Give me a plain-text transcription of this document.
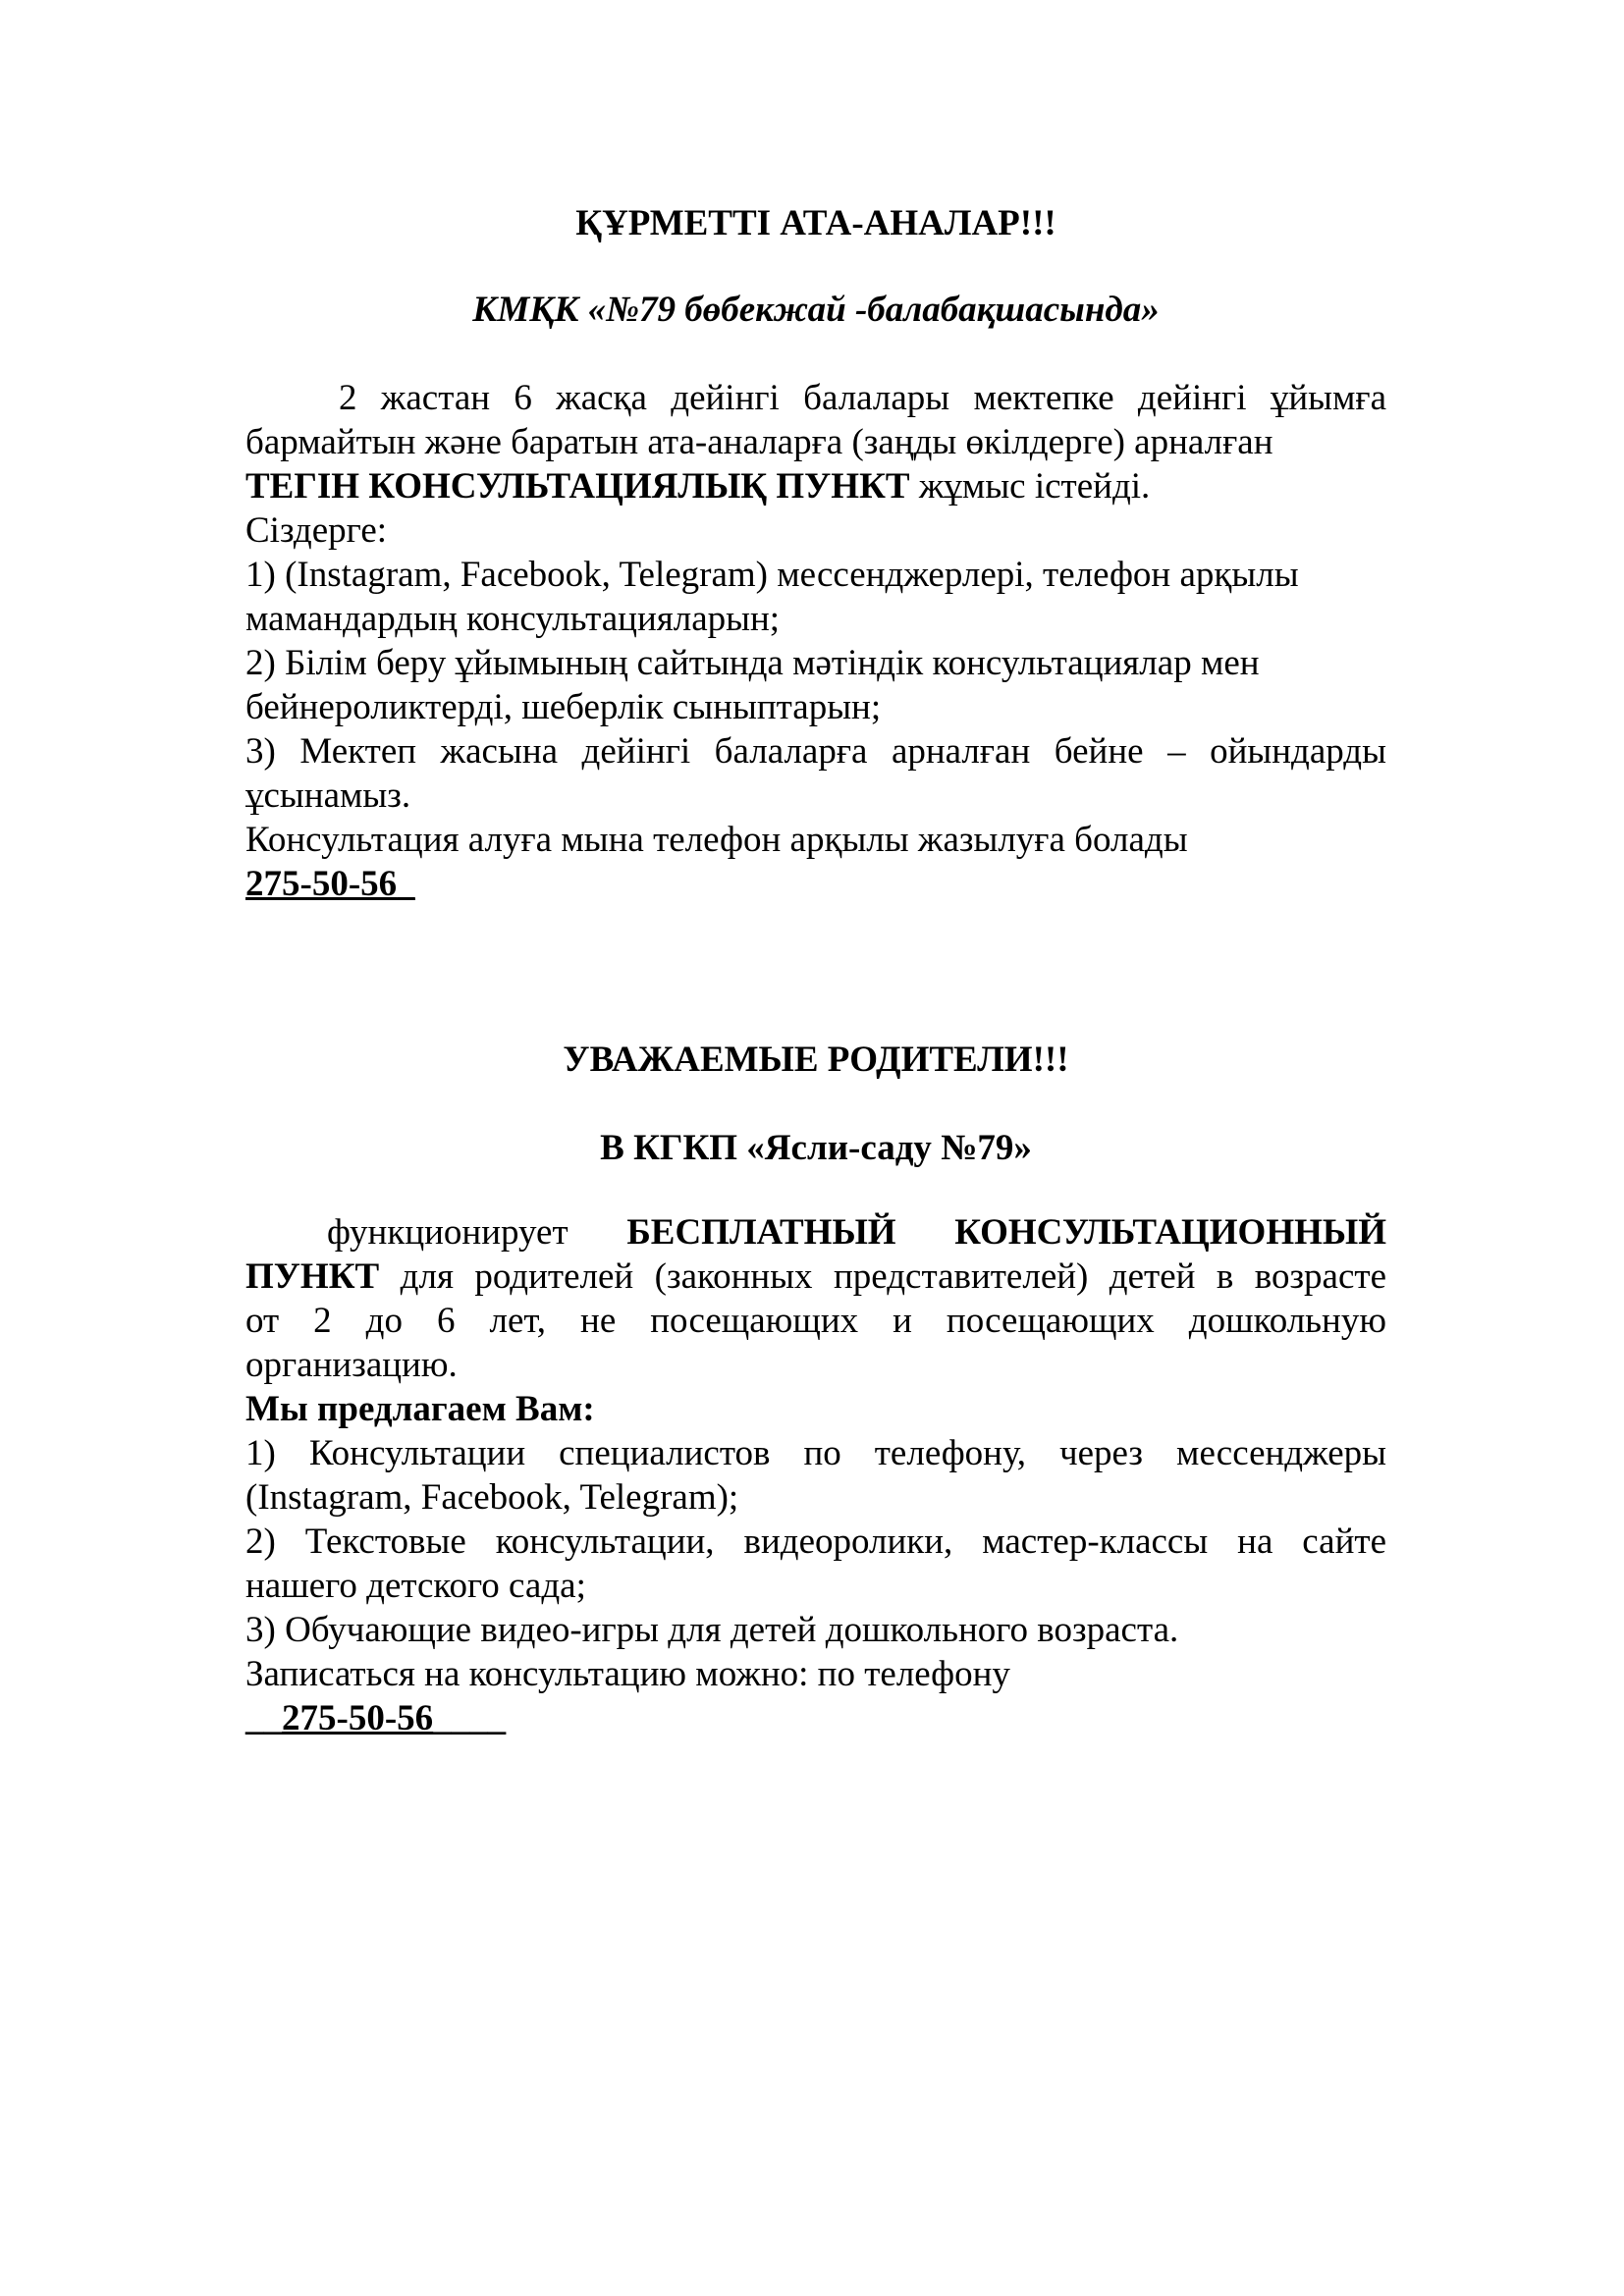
ҚҰРМЕТТІ АТА-АНАЛАР!!!
КМҚК «№79 бөбекжай -балабақшасында»
2 жастан 6 жасқа дейінгі балалары мектепке дейінгі ұйымға
бармайтын және баратын ата-аналарға (заңды өкілдерге) арналған
ТЕГІН КОНСУЛЬТАЦИЯЛЫҚ ПУНКТ жұмыс істейді.
Сіздерге:
1) (Instagram, Facebook, Telegram) мессенджерлері, телефон арқылы
мамандардың консультацияларын;
2) Білім беру ұйымының сайтында мәтіндік консультациялар мен
бейнероликтерді, шеберлік сыныптарын;
3) Мектеп жасына дейінгі балаларға арналған бейне – ойындарды
ұсынамыз.
Консультация алуға мына телефон арқылы жазылуға болады
275-50-56_
УВАЖАЕМЫЕ РОДИТЕЛИ!!!
В КГКП «Ясли-саду №79»
функционирует БЕСПЛАТНЫЙ КОНСУЛЬТАЦИОННЫЙ
ПУНКТ для родителей (законных представителей) детей в возрасте
от 2 до 6 лет, не посещающих и посещающих дошкольную
организацию.
Мы предлагаем Вам:
1) Консультации специалистов по телефону, через мессенджеры
(Instagram, Facebook, Telegram);
2) Текстовые консультации, видеоролики, мастер-классы на сайте
нашего детского сада;
3) Обучающие видео-игры для детей дошкольного возраста.
Записаться на консультацию можно: по телефону
__275-50-56____
